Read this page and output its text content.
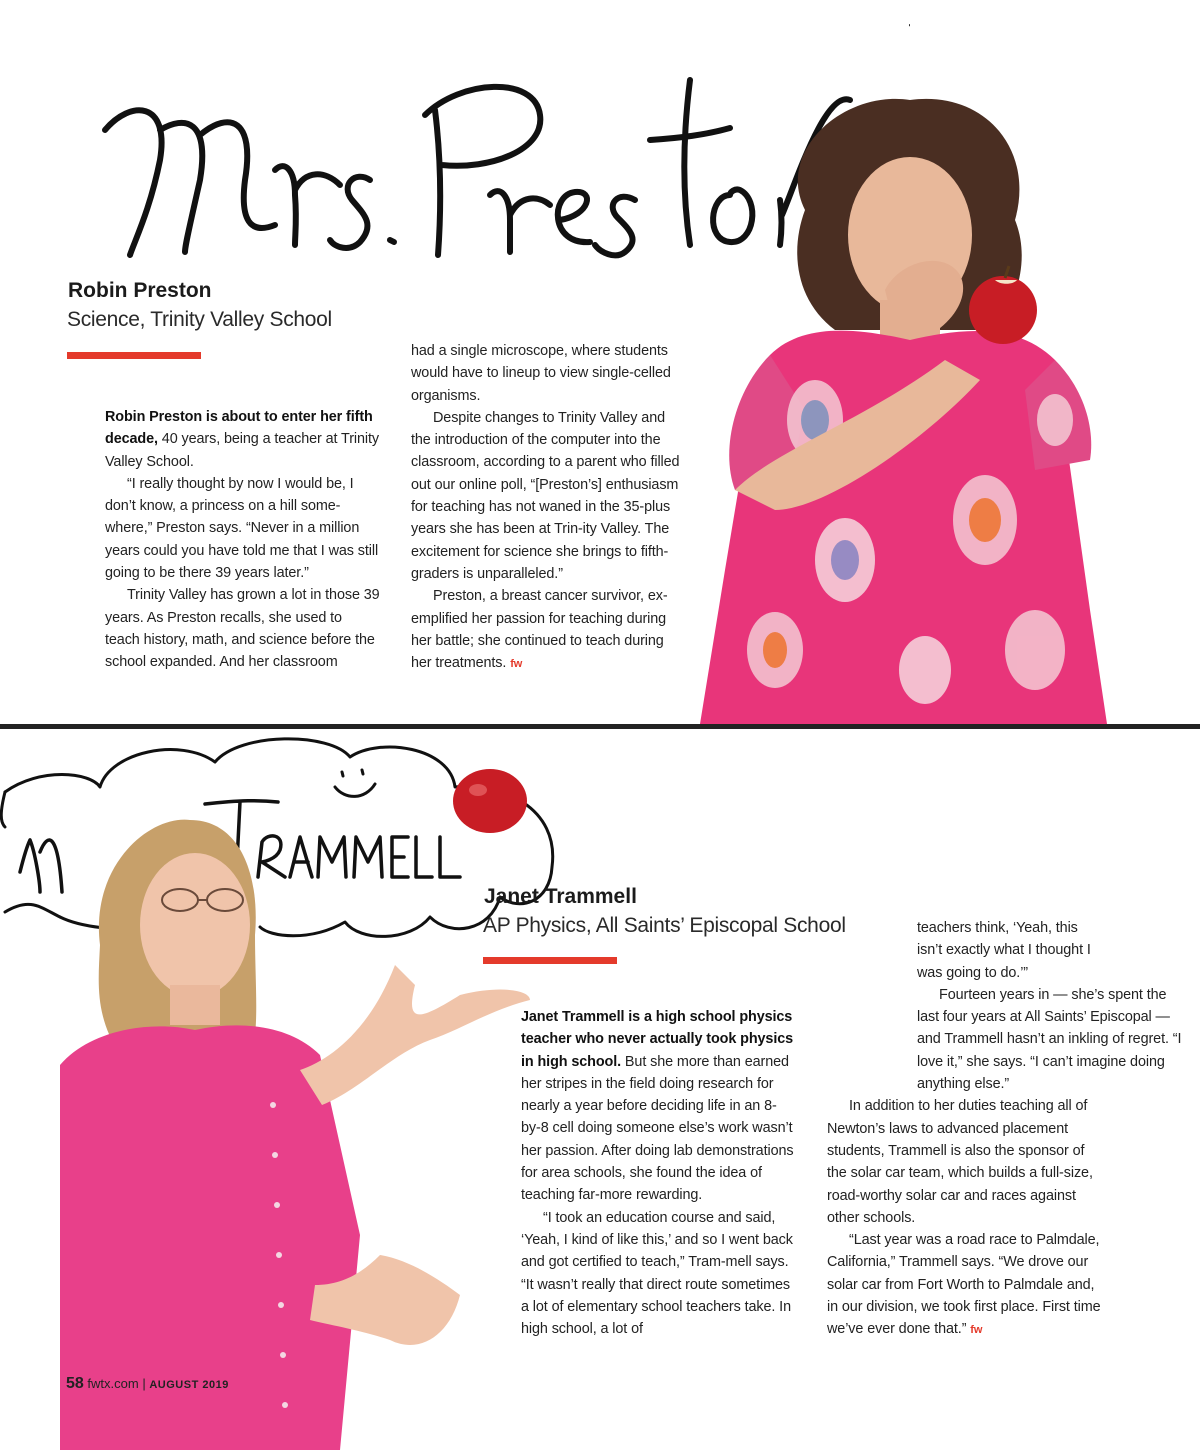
Robin Preston
Science, Trinity Valley School

Robin Preston is about to enter her fifth decade, 40 years, being a teacher at Trinity Valley School.

“I really thought by now I would be, I don’t know, a princess on a hill some-where,” Preston says. “Never in a million years could you have told me that I was still going to be there 39 years later.”

Trinity Valley has grown a lot in those 39 years. As Preston recalls, she used to teach history, math, and science before the school expanded. And her classroom

had a single microscope, where students would have to lineup to view single-celled organisms.

Despite changes to Trinity Valley and the introduction of the computer into the classroom, according to a parent who filled out our online poll, “[Preston’s] enthusiasm for teaching has not waned in the 35-plus years she has been at Trin-ity Valley. The excitement for science she brings to fifth-graders is unparalleled.”

Preston, a breast cancer survivor, ex-emplified her passion for teaching during her battle; she continued to teach during her treatments. fw

Janet Trammell
AP Physics, All Saints’ Episcopal School

Janet Trammell is a high school physics teacher who never actually took physics in high school. But she more than earned her stripes in the field doing research for nearly a year before deciding life in an 8-by-8 cell doing someone else’s work wasn’t her passion. After doing lab demonstrations for area schools, she found the idea of teaching far-more rewarding.

“I took an education course and said, ‘Yeah, I kind of like this,’ and so I went back and got certified to teach,” Tram-mell says. “It wasn’t really that direct route sometimes a lot of elementary school teachers take. In high school, a lot of

teachers think, ‘Yeah, this isn’t exactly what I thought I was going to do.’”

Fourteen years in — she’s spent the last four years at All Saints’ Episcopal — and Trammell hasn’t an inkling of regret. “I love it,” she says. “I can’t imagine doing anything else.”

In addition to her duties teaching all of Newton’s laws to advanced placement students, Trammell is also the sponsor of the solar car team, which builds a full-size, road-worthy solar car and races against other schools.

“Last year was a road race to Palmdale, California,” Trammell says. “We drove our solar car from Fort Worth to Palmdale and, in our division, we took first place. First time we’ve ever done that.” fw

58 fwtx.com | AUGUST 2019
